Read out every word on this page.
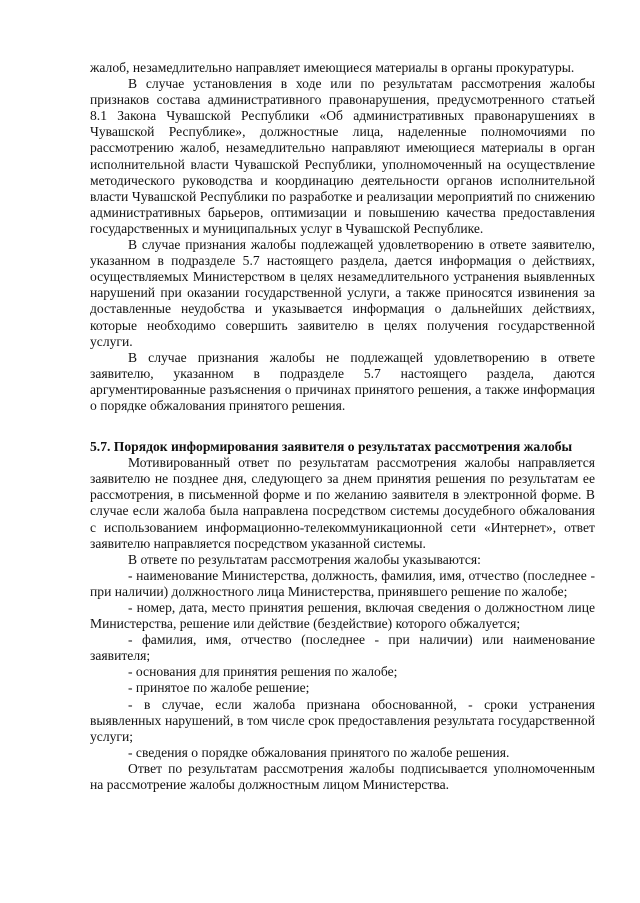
жалоб, незамедлительно направляет имеющиеся материалы в органы прокуратуры.

В случае установления в ходе или по результатам рассмотрения жалобы признаков состава административного правонарушения, предусмотренного статьей 8.1 Закона Чувашской Республики «Об административных правонарушениях в Чувашской Республике», должностные лица, наделенные полномочиями по рассмотрению жалоб, незамедлительно направляют имеющиеся материалы в орган исполнительной власти Чувашской Республики, уполномоченный на осуществление методического руководства и координацию деятельности органов исполнительной власти Чувашской Республики по разработке и реализации мероприятий по снижению административных барьеров, оптимизации и повышению качества предоставления государственных и муниципальных услуг в Чувашской Республике.

В случае признания жалобы подлежащей удовлетворению в ответе заявителю, указанном в подразделе 5.7 настоящего раздела, дается информация о действиях, осуществляемых Министерством в целях незамедлительного устранения выявленных нарушений при оказании государственной услуги, а также приносятся извинения за доставленные неудобства и указывается информация о дальнейших действиях, которые необходимо совершить заявителю в целях получения государственной услуги.

В случае признания жалобы не подлежащей удовлетворению в ответе заявителю, указанном в подразделе 5.7 настоящего раздела, даются аргументированные разъяснения о причинах принятого решения, а также информация о порядке обжалования принятого решения.

5.7. Порядок информирования заявителя о результатах рассмотрения жалобы

Мотивированный ответ по результатам рассмотрения жалобы направляется заявителю не позднее дня, следующего за днем принятия решения по результатам ее рассмотрения, в письменной форме и по желанию заявителя в электронной форме. В случае если жалоба была направлена посредством системы досудебного обжалования с использованием информационно-телекоммуникационной сети «Интернет», ответ заявителю направляется посредством указанной системы.

В ответе по результатам рассмотрения жалобы указываются:

- наименование Министерства, должность, фамилия, имя, отчество (последнее - при наличии) должностного лица Министерства, принявшего решение по жалобе;

- номер, дата, место принятия решения, включая сведения о должностном лице Министерства, решение или действие (бездействие) которого обжалуется;

- фамилия, имя, отчество (последнее - при наличии) или наименование заявителя;

- основания для принятия решения по жалобе;

- принятое по жалобе решение;

- в случае, если жалоба признана обоснованной, - сроки устранения выявленных нарушений, в том числе срок предоставления результата государственной услуги;

- сведения о порядке обжалования принятого по жалобе решения.

Ответ по результатам рассмотрения жалобы подписывается уполномоченным на рассмотрение жалобы должностным лицом Министерства.
